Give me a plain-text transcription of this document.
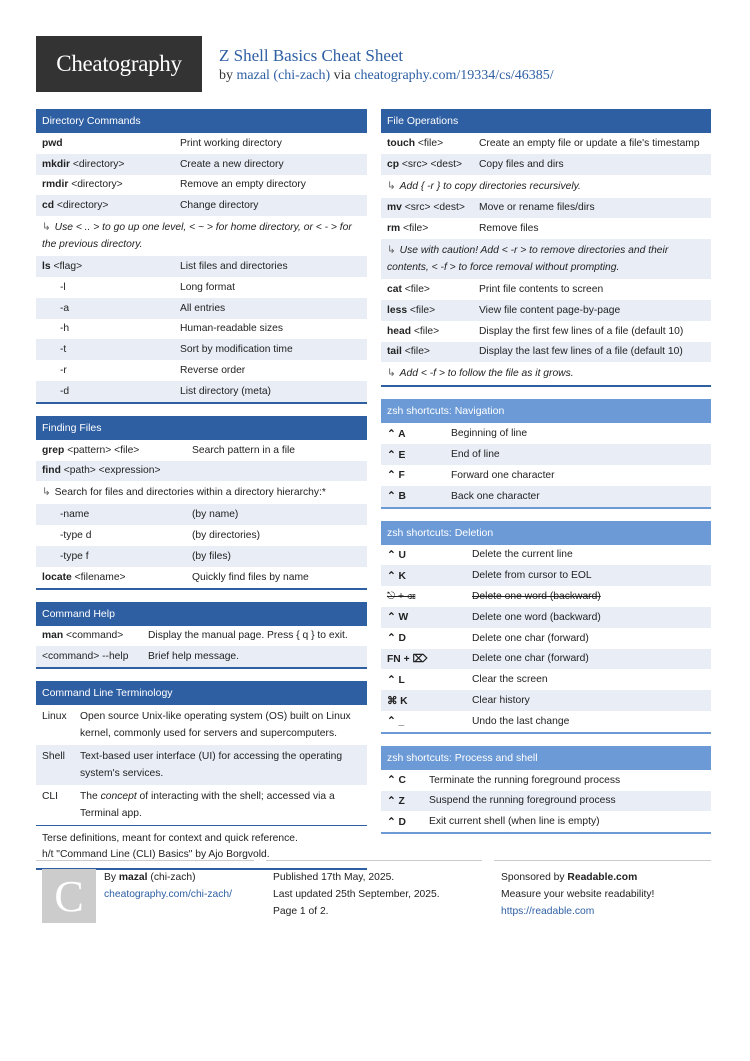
Cheatography	Z Shell Basics Cheat Sheet
by mazal (chi-zach) via cheatography.com/19334/cs/46385/
Directory Commands
pwd	Print working directory
mkdir <directory>	Create a new directory
rmdir <directory>	Remove an empty directory
cd <directory>	Change directory
↳ Use < .. > to go up one level, < ~ > for home directory, or < - > for the previous directory.
ls <flag>	List files and directories
-l	Long format
-a	All entries
-h	Human-readable sizes
-t	Sort by modification time
-r	Reverse order
-d	List directory (meta)
Finding Files
grep <pattern> <file>	Search pattern in a file
find <path> <expression>
↳ Search for files and directories within a directory hierarchy:*
-name	(by name)
-type d	(by directories)
-type f	(by files)
locate <filename>	Quickly find files by name
Command Help
man <command>	Display the manual page. Press { q } to exit.
<command> --help	Brief help message.
Command Line Terminology
Linux	Open source Unix-like operating system (OS) built on Linux kernel, commonly used for servers and supercomputers.
Shell	Text-based user interface (UI) for accessing the operating system's services.
CLI	The concept of interacting with the shell; accessed via a Terminal app.
Terse definitions, meant for context and quick reference.
h/t "Command Line (CLI) Basics" by Ajo Borgvold.
File Operations
touch <file>	Create an empty file or update a file's timestamp
cp <src> <dest>	Copy files and dirs
↳ Add { -r } to copy directories recursively.
mv <src> <dest>	Move or rename files/dirs
rm <file>	Remove files
↳ Use with caution! Add < -r > to remove directories and their contents, < -f > to force removal without prompting.
cat <file>	Print file contents to screen
less <file>	View file content page-by-page
head <file>	Display the first few lines of a file (default 10)
tail <file>	Display the last few lines of a file (default 10)
↳ Add < -f > to follow the file as it grows.
zsh shortcuts: Navigation
⌃ A	Beginning of line
⌃ E	End of line
⌃ F	Forward one character
⌃ B	Back one character
zsh shortcuts: Deletion
⌃ U	Delete the current line
⌃ K	Delete from cursor to EOL
⎋ + ⌫	Delete one word (backward)
⌃ W	Delete one word (backward)
⌃ D	Delete one char (forward)
FN + ⌦	Delete one char (forward)
⌃ L	Clear the screen
⌘ K	Clear history
⌃ _	Undo the last change
zsh shortcuts: Process and shell
⌃ C	Terminate the running foreground process
⌃ Z	Suspend the running foreground process
⌃ D	Exit current shell (when line is empty)
C	By mazal (chi-zach)
cheatography.com/chi-zach/
Published 17th May, 2025.
Last updated 25th September, 2025.
Page 1 of 2.
Sponsored by Readable.com
Measure your website readability!
https://readable.com
